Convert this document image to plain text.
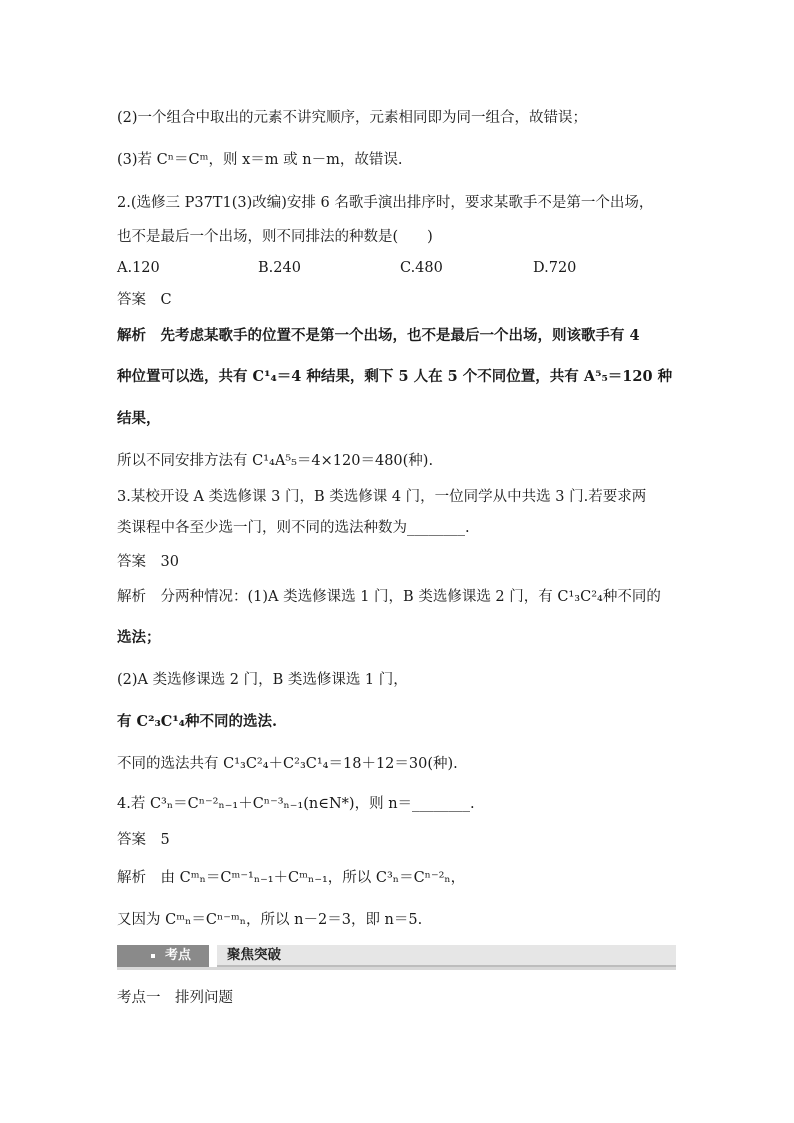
(2)一个组合中取出的元素不讲究顺序，元素相同即为同一组合，故错误；
(3)若 Cⁿ＝Cᵐ，则 x＝m 或 n－m，故错误.
2.(选修三 P37T1(3)改编)安排 6 名歌手演出排序时，要求某歌手不是第一个出场，
也不是最后一个出场，则不同排法的种数是(　　)
A.120	B.240	C.480	D.720
答案　C
解析　先考虑某歌手的位置不是第一个出场，也不是最后一个出场，则该歌手有 4
种位置可以选，共有 C¹₄＝4 种结果，剩下 5 人在 5 个不同位置，共有 A⁵₅＝120 种
结果，
所以不同安排方法有 C¹₄A⁵₅＝4×120＝480(种).
3.某校开设 A 类选修课 3 门，B 类选修课 4 门，一位同学从中共选 3 门.若要求两
类课程中各至少选一门，则不同的选法种数为________.
答案　30
解析　分两种情况：(1)A 类选修课选 1 门，B 类选修课选 2 门，有 C¹₃C²₄种不同的
选法；
(2)A 类选修课选 2 门，B 类选修课选 1 门，
有 C²₃C¹₄种不同的选法.
不同的选法共有 C¹₃C²₄＋C²₃C¹₄＝18＋12＝30(种).
4.若 C³ₙ＝Cⁿ⁻²ₙ₋₁＋Cⁿ⁻³ₙ₋₁(n∈N*)，则 n＝________.
答案　5
解析　由 Cᵐₙ＝Cᵐ⁻¹ₙ₋₁＋Cᵐₙ₋₁，所以 C³ₙ＝Cⁿ⁻²ₙ，
又因为 Cᵐₙ＝Cⁿ⁻ᵐₙ，所以 n－2＝3，即 n＝5.
考点	聚焦突破
考点一　排列问题
